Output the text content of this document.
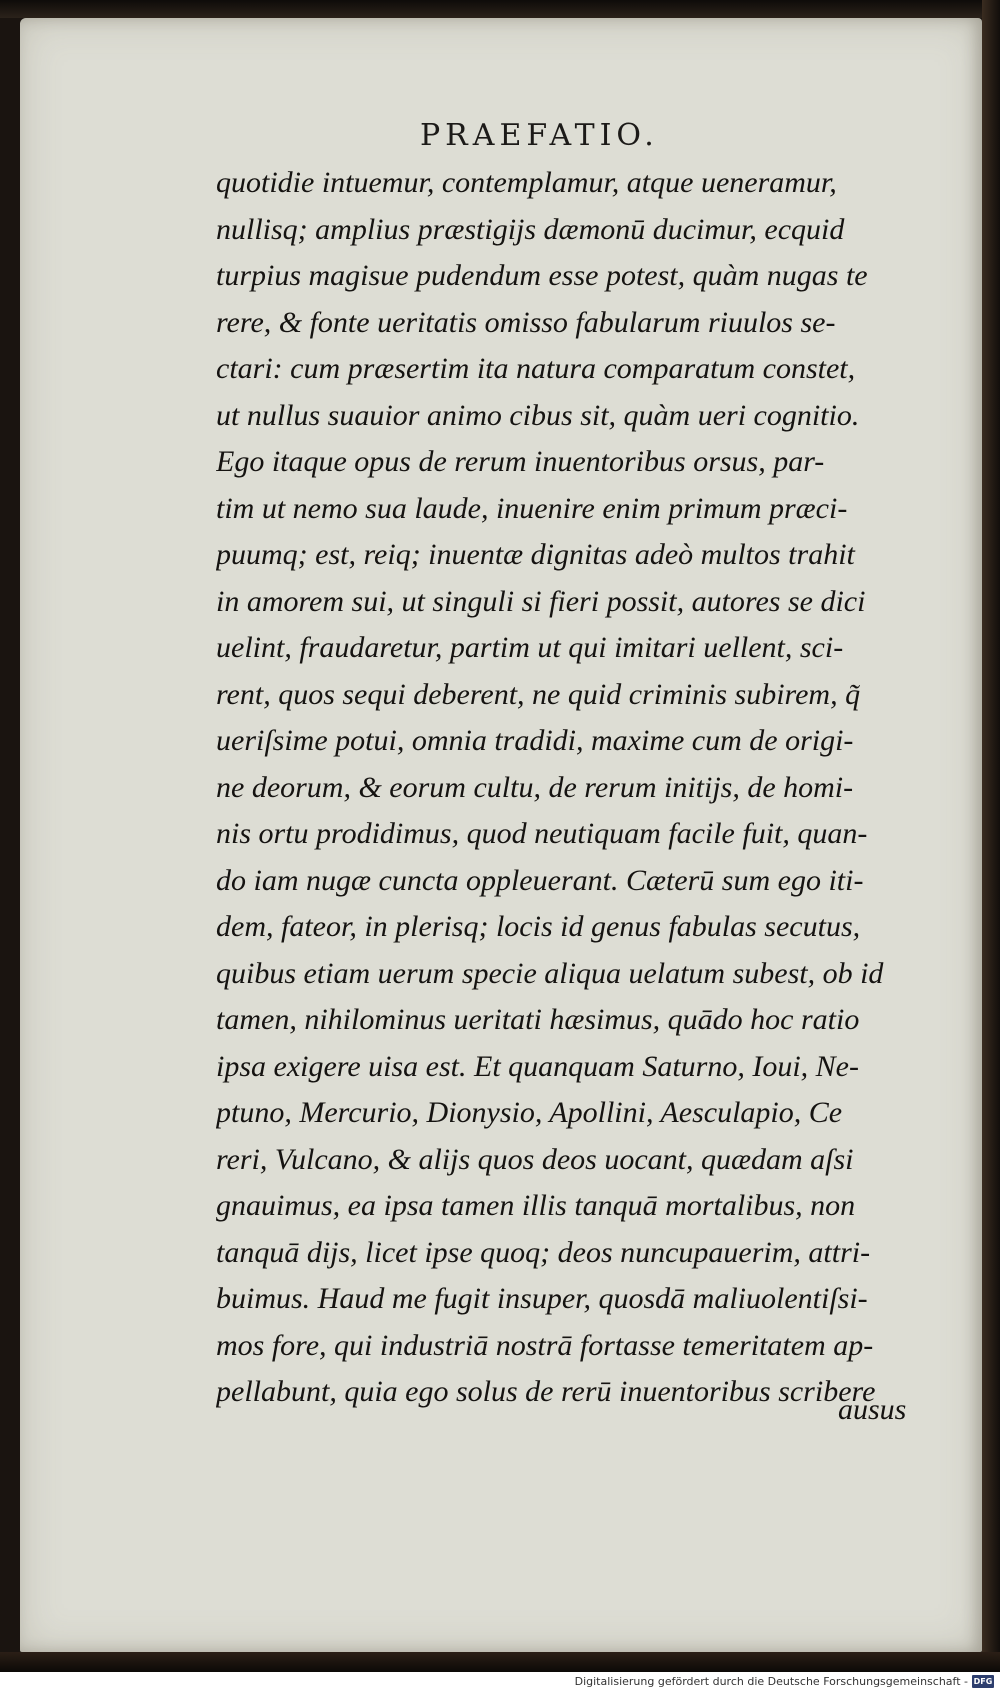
PRAEFATIO.
quotidie intuemur, contemplamur, atque ueneramur,
nullisq; amplius præstigijs dæmonū ducimur, ecquid
turpius magisue pudendum esse potest, quàm nugas te
rere, & fonte ueritatis omisso fabularum riuulos se-
ctari: cum præsertim ita natura comparatum constet,
ut nullus suauior animo cibus sit, quàm ueri cognitio.
Ego itaque opus de rerum inuentoribus orsus, par-
tim ut nemo sua laude, inuenire enim primum præci-
puumq; est, reiq; inuentæ dignitas adeò multos trahit
in amorem sui, ut singuli si fieri possit, autores se dici
uelint, fraudaretur, partim ut qui imitari uellent, sci-
rent, quos sequi deberent, ne quid criminis subirem, q̃
ueriſsime potui, omnia tradidi, maxime cum de origi-
ne deorum, & eorum cultu, de rerum initijs, de homi-
nis ortu prodidimus, quod neutiquam facile fuit, quan-
do iam nugæ cuncta oppleuerant. Cæterū sum ego iti-
dem, fateor, in plerisq; locis id genus fabulas secutus,
quibus etiam uerum specie aliqua uelatum subest, ob id
tamen, nihilominus ueritati hæsimus, quādo hoc ratio
ipsa exigere uisa est. Et quanquam Saturno, Ioui, Ne-
ptuno, Mercurio, Dionysio, Apollini, Aesculapio, Ce
reri, Vulcano, & alijs quos deos uocant, quædam aſsi
gnauimus, ea ipsa tamen illis tanquā mortalibus, non
tanquā dijs, licet ipse quoq; deos nuncupauerim, attri-
buimus. Haud me fugit insuper, quosdā maliuolentiſsi-
mos fore, qui industriā nostrā fortasse temeritatem ap-
pellabunt, quia ego solus de rerū inuentoribus scribere
ausus
Digitalisierung gefördert durch die Deutsche Forschungsgemeinschaft - DFG
